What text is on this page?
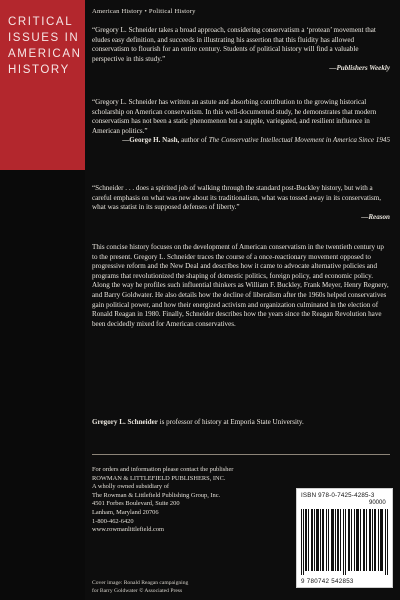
CRITICAL
ISSUES IN
AMERICAN
HISTORY
American History • Political History

“Gregory L. Schneider takes a broad approach, considering conservatism a ‘protean’ movement that eludes easy definition, and succeeds in illustrating his assertion that this fluidity has allowed conservatism to flourish for an entire century. Students of political history will find a valuable perspective in this study.”

—Publishers Weekly

“Gregory L. Schneider has written an astute and absorbing contribution to the growing historical scholarship on American conservatism. In this well-documented study, he demonstrates that modern conservatism has not been a static phenomenon but a supple, variegated, and resilient influence in American politics.”

—George H. Nash, author of The Conservative Intellectual Movement in America Since 1945

“Schneider . . . does a spirited job of walking through the standard post-Buckley history, but with a careful emphasis on what was new about its traditionalism, what was tossed away in its conservatism, what was statist in its supposed defenses of liberty.”

—Reason

This concise history focuses on the development of American conservatism in the twentieth century up to the present. Gregory L. Schneider traces the course of a once-reactionary movement opposed to progressive reform and the New Deal and describes how it came to advocate alternative policies and programs that revolutionized the shaping of domestic politics, foreign policy, and economic policy. Along the way he profiles such influential thinkers as William F. Buckley, Frank Meyer, Henry Regnery, and Barry Goldwater. He also details how the decline of liberalism after the 1960s helped conservatives gain political power, and how their energized activism and organization culminated in the election of Ronald Reagan in 1980. Finally, Schneider describes how the years since the Reagan Revolution have been decidedly mixed for American conservatives.

Gregory L. Schneider is professor of history at Emporia State University.

For orders and information please contact the publisher
ROWMAN & LITTLEFIELD PUBLISHERS, INC.
A wholly owned subsidiary of
The Rowman & Littlefield Publishing Group, Inc.
4501 Forbes Boulevard, Suite 200
Lanham, Maryland 20706
1-800-462-6420
www.rowmanlittlefield.com
Cover image: Ronald Reagan campaigning
for Barry Goldwater © Associated Press
ISBN 978-0-7425-4285-3
90000
9 780742 542853
